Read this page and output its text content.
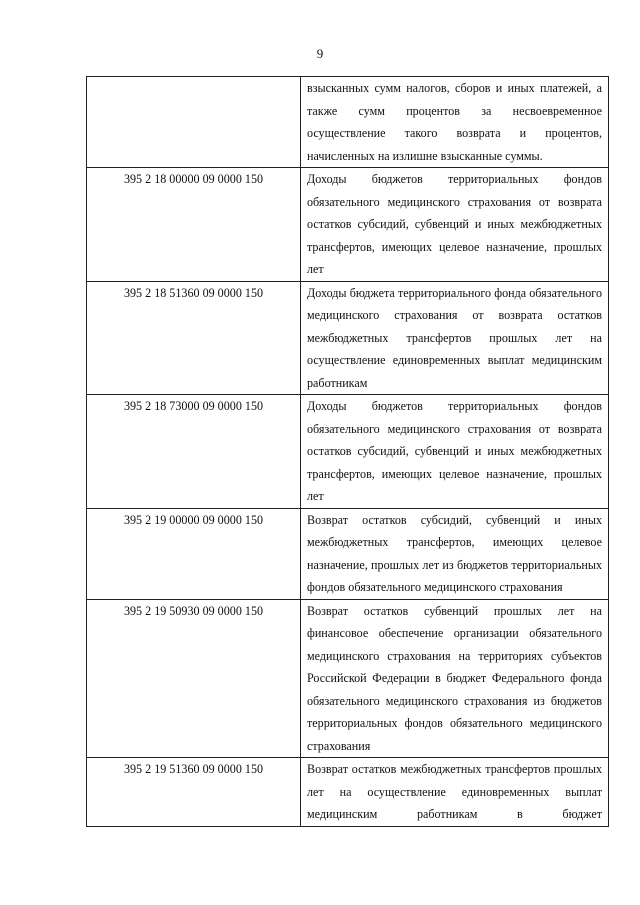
9
	взысканных сумм налогов, сборов и иных платежей, а также сумм процентов за несвоевременное осуществление такого возврата и процентов, начисленных на излишне взысканные суммы.
395 2 18 00000 09 0000 150	Доходы бюджетов территориальных фондов обязательного медицинского страхования от возврата остатков субсидий, субвенций и иных межбюджетных трансфертов, имеющих целевое назначение, прошлых лет
395 2 18 51360 09 0000 150	Доходы бюджета территориального фонда обязательного медицинского страхования от возврата остатков межбюджетных трансфертов прошлых лет на осуществление единовременных выплат медицинским работникам
395 2 18 73000 09 0000 150	Доходы бюджетов территориальных фондов обязательного медицинского страхования от возврата остатков субсидий, субвенций и иных межбюджетных трансфертов, имеющих целевое назначение, прошлых лет
395 2 19 00000 09 0000 150	Возврат остатков субсидий, субвенций и иных межбюджетных трансфертов, имеющих целевое назначение, прошлых лет из бюджетов территориальных фондов обязательного медицинского страхования
395 2 19 50930 09 0000 150	Возврат остатков субвенций прошлых лет на финансовое обеспечение организации обязательного медицинского страхования на территориях субъектов Российской Федерации в бюджет Федерального фонда обязательного медицинского страхования из бюджетов территориальных фондов обязательного медицинского страхования
395 2 19 51360 09 0000 150	Возврат остатков межбюджетных трансфертов прошлых лет на осуществление единовременных выплат медицинским работникам в бюджет
